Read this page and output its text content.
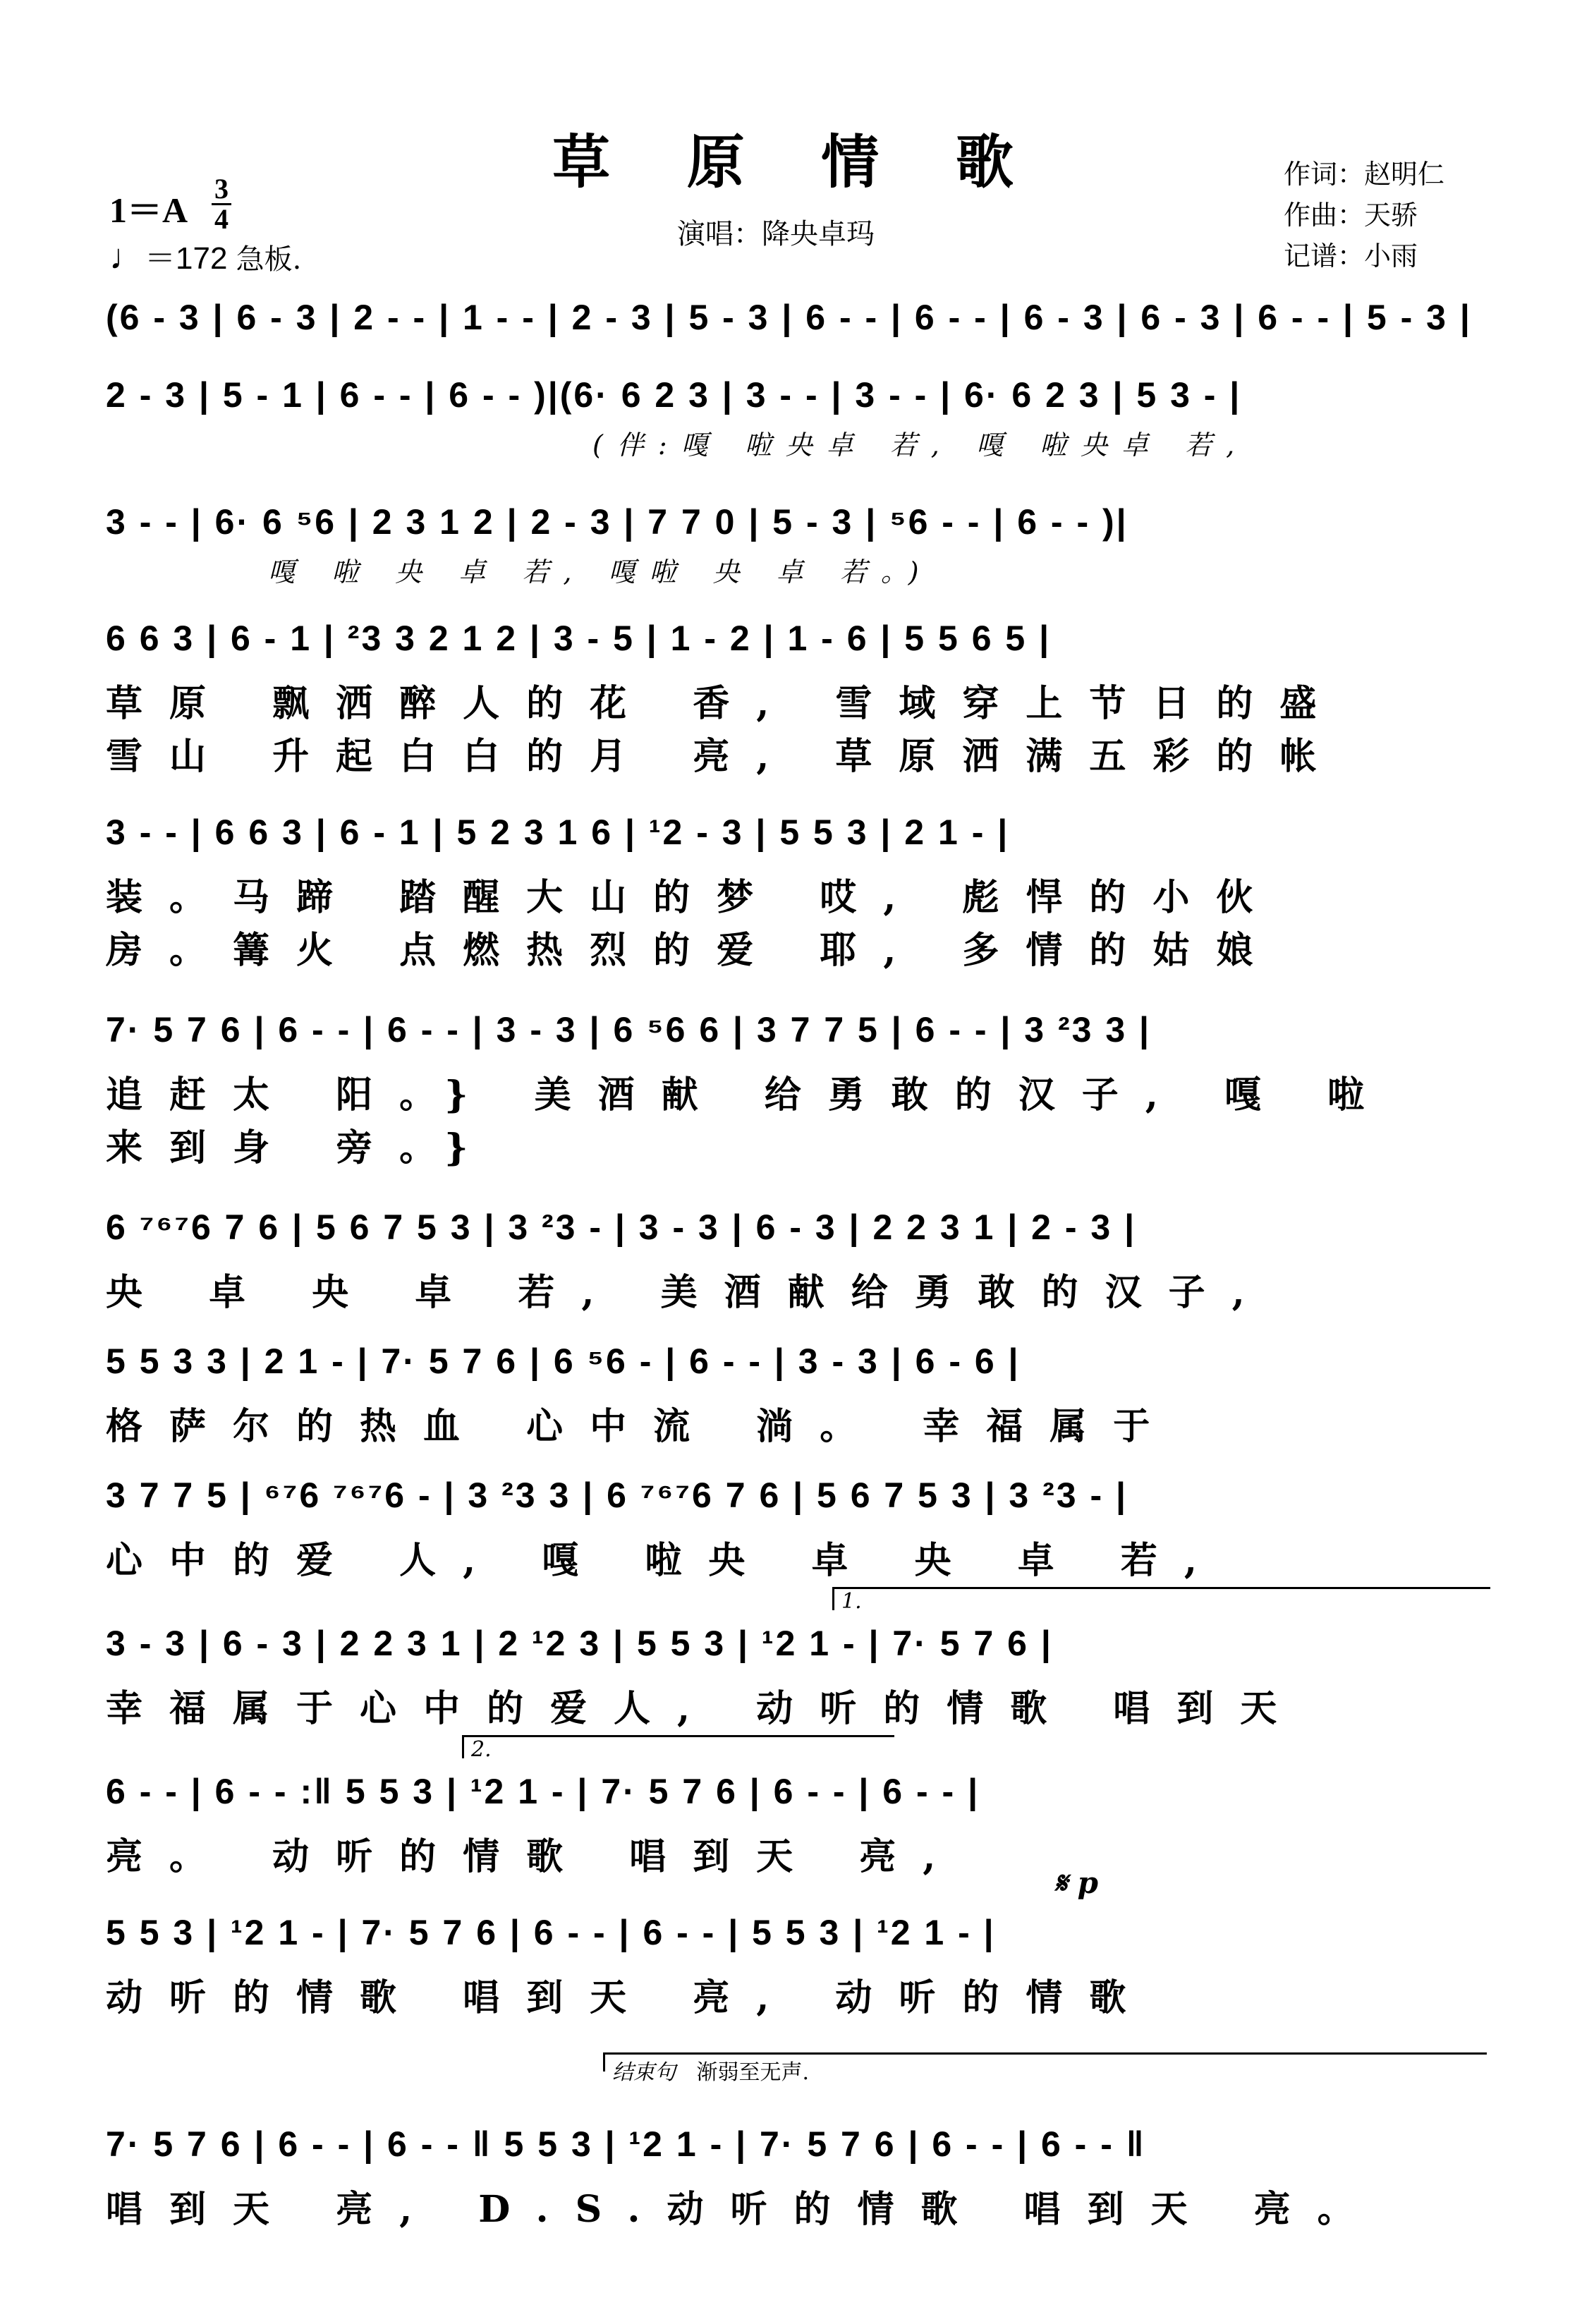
草 原 情 歌
演唱：降央卓玛
作词：赵明仁
作曲：天骄
记谱：小雨
$1=A \frac{3}{4}$
♩＝172 急板.
(6 - 3 | 6 - 3 | 2 - - | 1 - - | 2 - 3 | 5 - 3 | 6 - - | 6 - - | 6 - 3 | 6 - 3 | 6 - - | 5 - 3 |
2 - 3 | 5 - 1 | 6 - - | 6 - - )|(6· 6 2 3 | 3 - - | 3 - - | 6· 6 2 3 | 5 3 - |
(伴:嘎 啦央卓 若, 嘎 啦央卓 若,
3 - - | 6· 6 ⁵6 | 2 3 1 2 | 2 - 3 | 7 7 0 | 5 - 3 | ⁵6 - - | 6 - - )|
嘎 啦 央 卓 若, 嘎啦 央 卓 若。)
6 6 3 | 6 - 1 | ²3 3 2 1 2 | 3 - 5 | 1 - 2 | 1 - 6 | 5 5 6 5 |
草原 飘洒醉人的花 香, 雪域穿上节日的盛
雪山 升起白白的月 亮, 草原洒满五彩的帐
3 - - | 6 6 3 | 6 - 1 | 5 2 3 1 6 | ¹2 - 3 | 5 5 3 | 2 1 - |
装。马蹄 踏醒大山的梦 哎, 彪悍的小伙
房。篝火 点燃热烈的爱 耶, 多情的姑娘
7· 5 7 6 | 6 - - | 6 - - | 3 - 3 | 6 ⁵6 6 | 3 7 7 5 | 6 - - | 3 ²3 3 |
追赶太 阳。} 美酒献 给勇敢的汉子, 嘎 啦
来到身 旁。}
6 ⁷⁶⁷6 7 6 | 5 6 7 5 3 | 3 ²3 - | 3 - 3 | 6 - 3 | 2 2 3 1 | 2 - 3 |
央 卓 央 卓 若, 美酒献给勇敢的汉子,
5 5 3 3 | 2 1 - | 7· 5 7 6 | 6 ⁵6 - | 6 - - | 3 - 3 | 6 - 6 |
格萨尔的热血 心中流 淌。 幸福属于
3 7 7 5 | ⁶⁷6 ⁷⁶⁷6 - | 3 ²3 3 | 6 ⁷⁶⁷6 7 6 | 5 6 7 5 3 | 3 ²3 - |
心中的爱 人, 嘎 啦央 卓 央 卓 若,
1.
3 - 3 | 6 - 3 | 2 2 3 1 | 2 ¹2 3 | 5 5 3 | ¹2 1 - | 7· 5 7 6 |
幸福属于心中的爱人, 动听的情歌 唱到天
2.
6 - - | 6 - - :‖ 5 5 3 | ¹2 1 - | 7· 5 7 6 | 6 - - | 6 - - |
亮。 动听的情歌 唱到天 亮,
𝄋 p
5 5 3 | ¹2 1 - | 7· 5 7 6 | 6 - - | 6 - - | 5 5 3 | ¹2 1 - |
动听的情歌 唱到天 亮, 动听的情歌
结束句 渐弱至无声.
7· 5 7 6 | 6 - - | 6 - - ‖ 5 5 3 | ¹2 1 - | 7· 5 7 6 | 6 - - | 6 - - ‖
唱到天 亮, D.S.动听的情歌 唱到天 亮。
